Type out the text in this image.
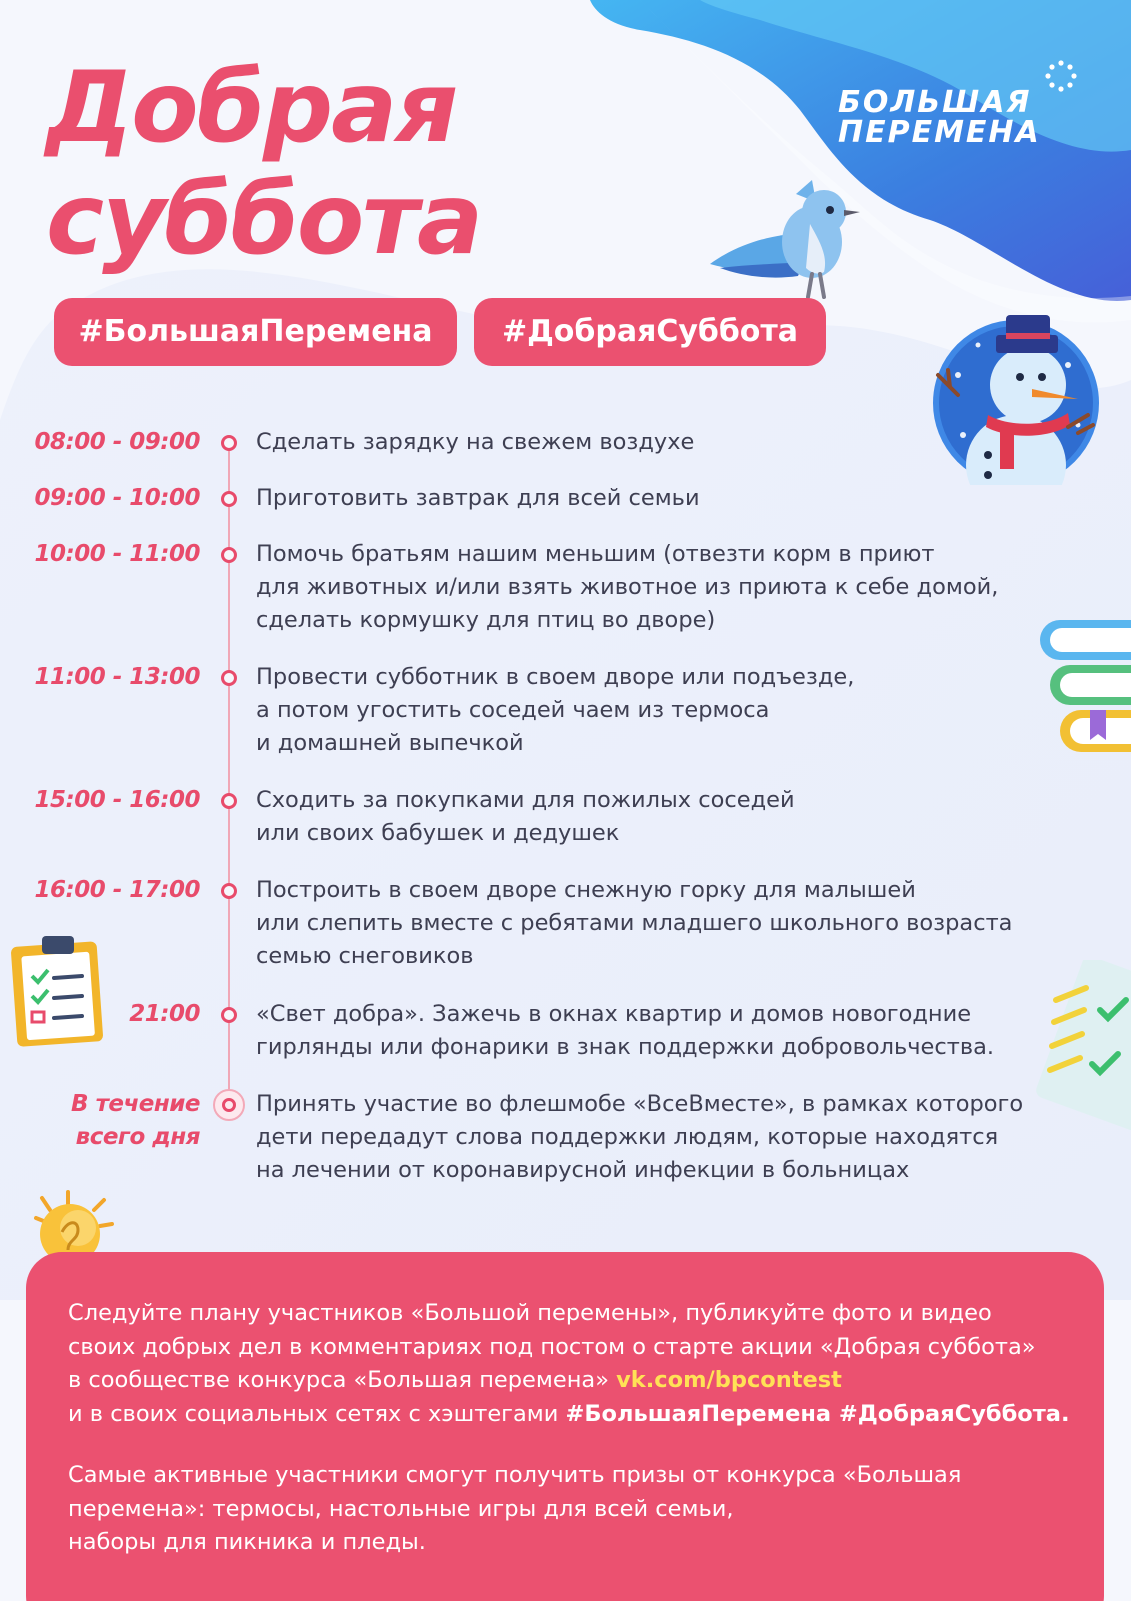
Добрая
суббота
БОЛЬШАЯ
ПЕРЕМЕНА
#БольшаяПеремена	#ДобраяСуббота
08:00 - 09:00 Сделать зарядку на свежем воздухе
09:00 - 10:00 Приготовить завтрак для всей семьи
10:00 - 11:00 Помочь братьям нашим меньшим (отвезти корм в приют
для животных и/или взять животное из приюта к себе домой,
сделать кормушку для птиц во дворе)
11:00 - 13:00 Провести субботник в своем дворе или подъезде,
а потом угостить соседей чаем из термоса
и домашней выпечкой
15:00 - 16:00 Сходить за покупками для пожилых соседей
или своих бабушек и дедушек
16:00 - 17:00 Построить в своем дворе снежную горку для малышей
или слепить вместе с ребятами младшего школьного возраста
семью снеговиков
21:00 «Свет добра». Зажечь в окнах квартир и домов новогодние
гирлянды или фонарики в знак поддержки добровольчества.
В течение
всего дня
Принять участие во флешмобе «ВсеВместе», в рамках которого
дети передадут слова поддержки людям, которые находятся
на лечении от коронавирусной инфекции в больницах
Следуйте плану участников «Большой перемены», публикуйте фото и видео
своих добрых дел в комментариях под постом о старте акции «Добрая суббота»
в сообществе конкурса «Большая перемена» vk.com/bpcontest
и в своих социальных сетях с хэштегами #БольшаяПеремена #ДобраяСуббота.
Самые активные участники смогут получить призы от конкурса «Большая
перемена»: термосы, настольные игры для всей семьи,
наборы для пикника и пледы.
